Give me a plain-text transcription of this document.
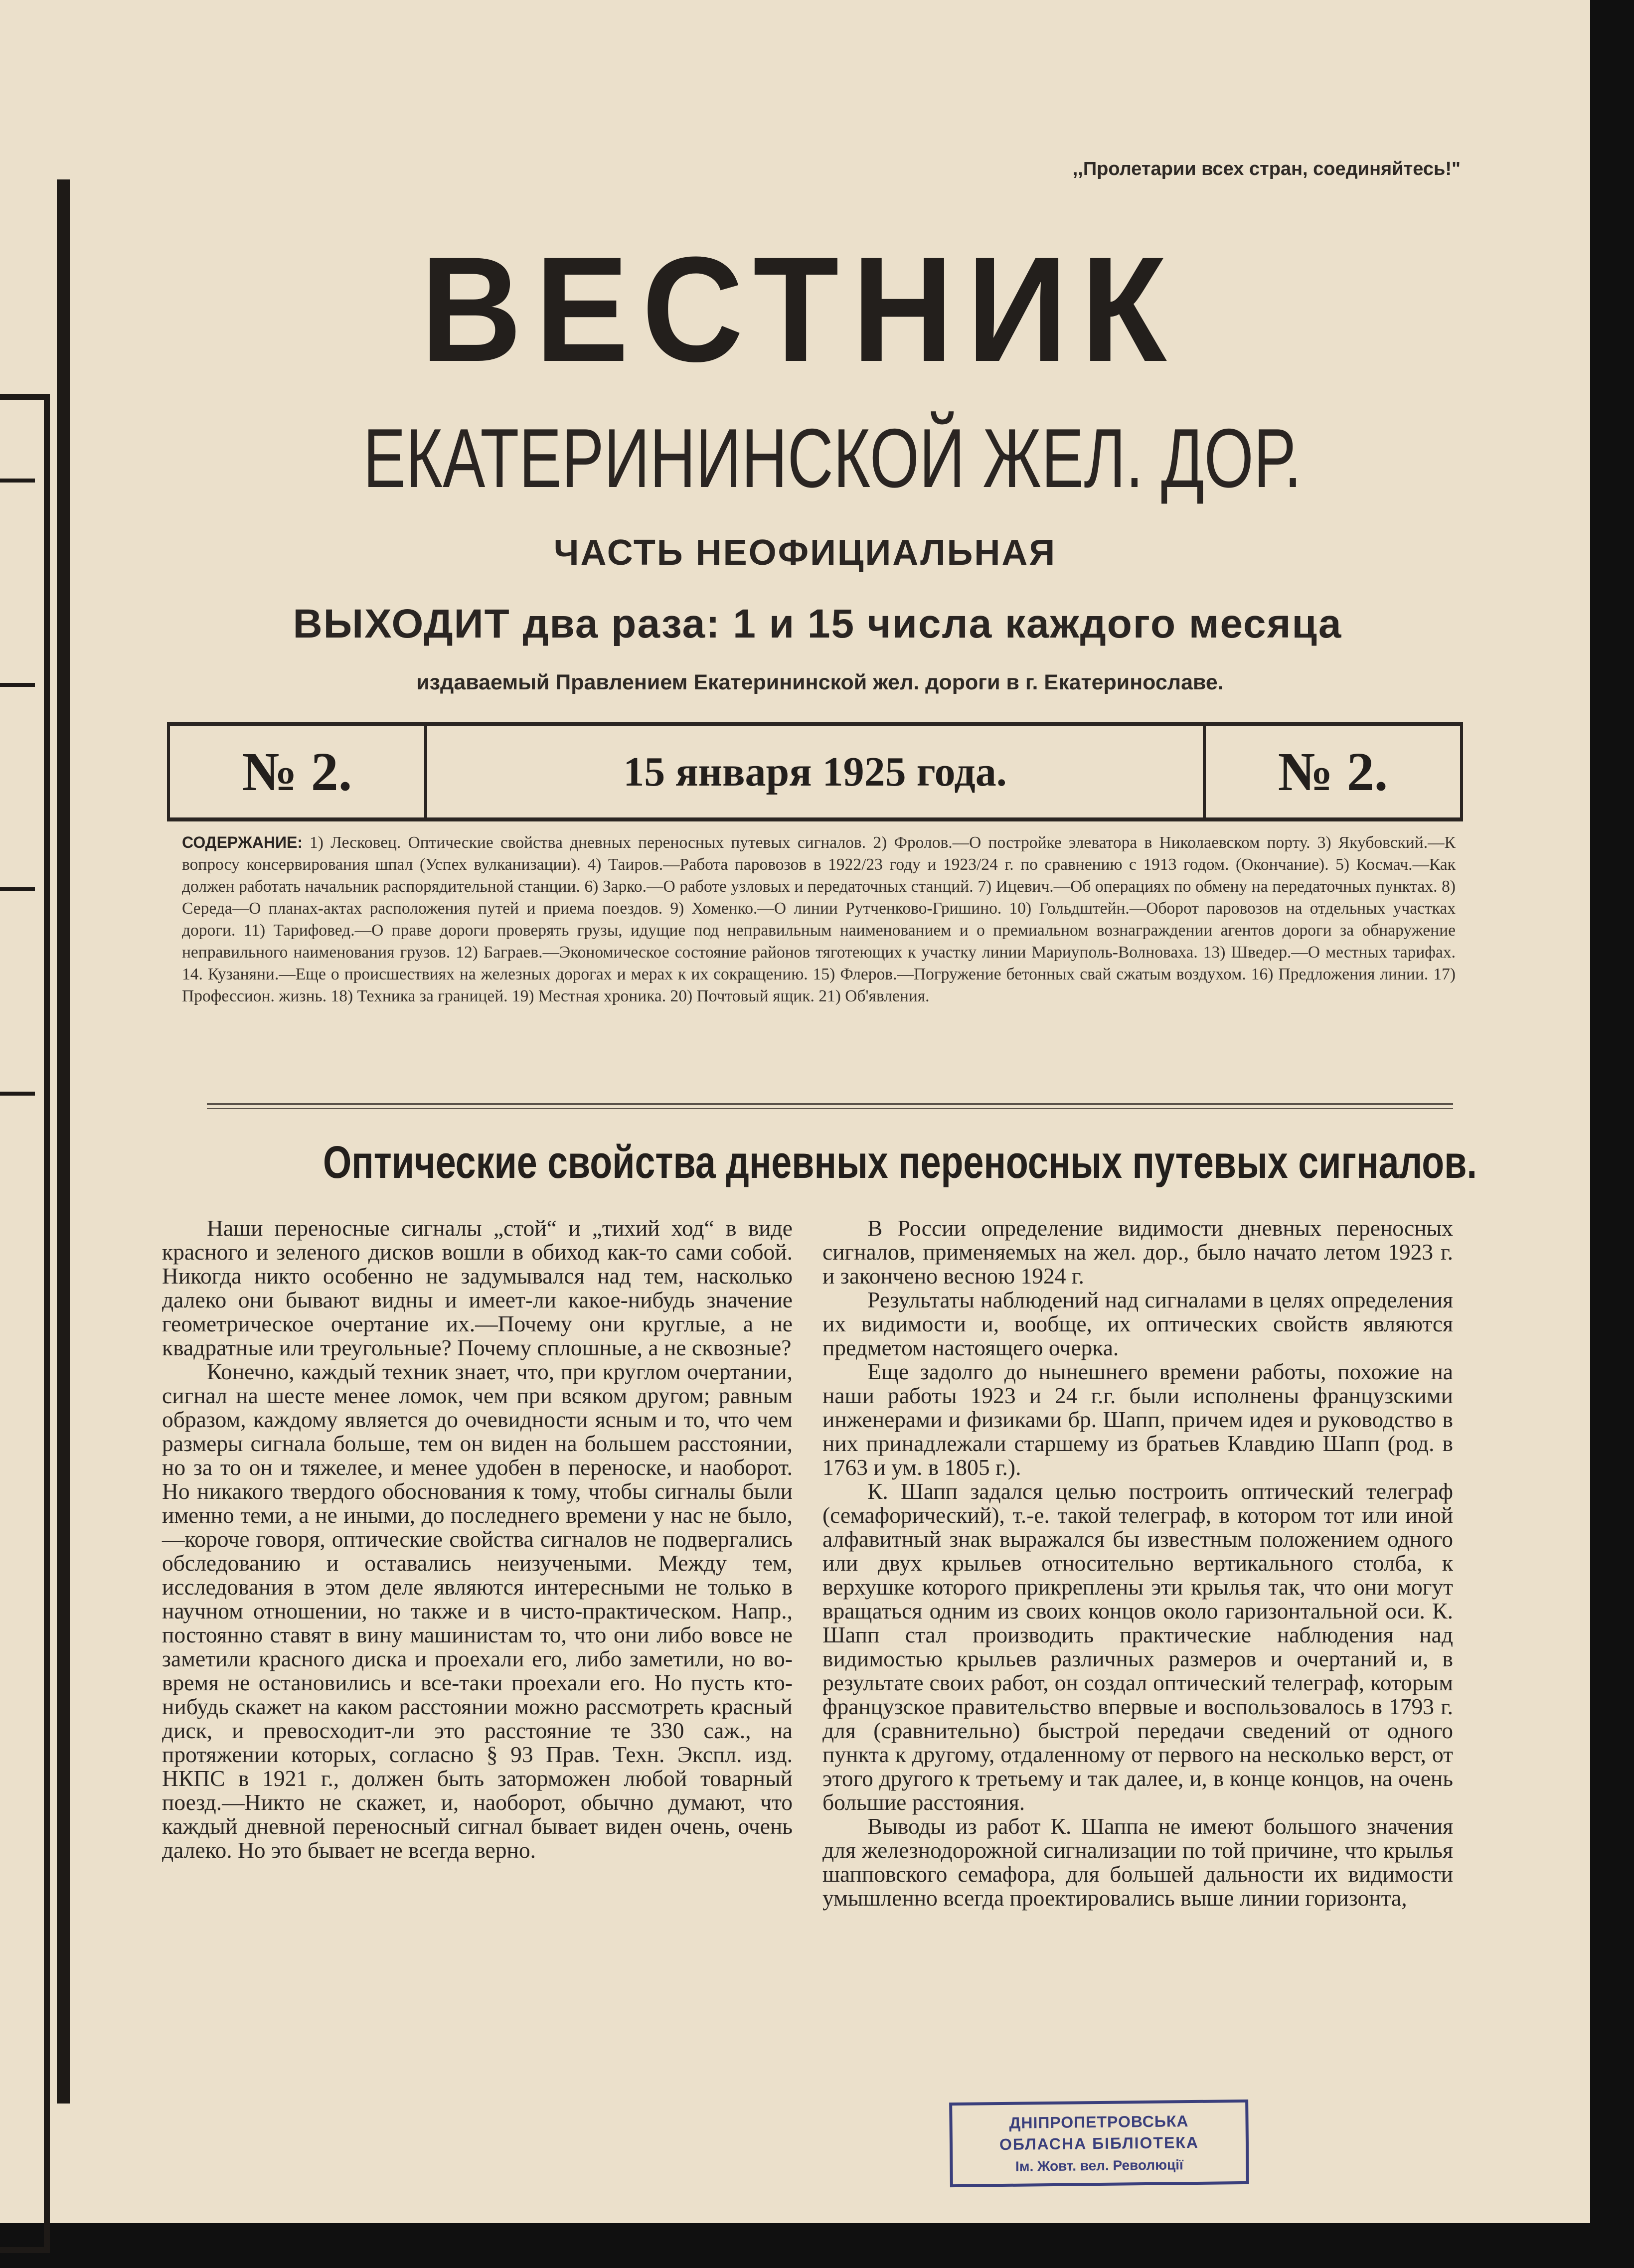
,,Пролетарии всех стран, соединяйтесь!"
ВЕСТНИК
ЕКАТЕРИНИНСКОЙ ЖЕЛ. ДОР.
ЧАСТЬ НЕОФИЦИАЛЬНАЯ
ВЫХОДИТ два раза: 1 и 15 числа каждого месяца
издаваемый Правлением Екатерининской жел. дороги в г. Екатеринославе.
№ 2.	15 января 1925 года.	№ 2.
СОДЕРЖАНИЕ: 1) Лесковец. Оптические свойства дневных переносных путевых сигналов. 2) Фролов.—О постройке элеватора в Николаевском порту. 3) Якубовский.—К вопросу консервирования шпал (Успех вулканизации). 4) Таиров.—Работа паровозов в 1922/23 году и 1923/24 г. по сравнению с 1913 годом. (Окончание). 5) Космач.—Как должен работать начальник распорядительной станции. 6) Зарко.—О работе узловых и передаточных станций. 7) Ицевич.—Об операциях по обмену на передаточных пунктах. 8) Середа—О планах-актах расположения путей и приема поездов. 9) Хоменко.—О линии Рутченково-Гришино. 10) Гольдштейн.—Оборот паровозов на отдельных участках дороги. 11) Тарифовед.—О праве дороги проверять грузы, идущие под неправильным наименованием и о премиальном вознаграждении агентов дороги за обнаружение неправильного наименования грузов. 12) Баграев.—Экономическое состояние районов тяготеющих к участку линии Мариуполь-Волноваха. 13) Шведер.—О местных тарифах. 14. Кузаняни.—Еще о происшествиях на железных дорогах и мерах к их сокращению. 15) Флеров.—Погружение бетонных свай сжатым воздухом. 16) Предложения линии. 17) Профессион. жизнь. 18) Техника за границей. 19) Местная хроника. 20) Почтовый ящик. 21) Об'явления.
Оптические свойства дневных переносных путевых сигналов.

Наши переносные сигналы „стой“ и „тихий ход“ в виде красного и зеленого дисков вошли в обиход как-то сами собой. Никогда никто особенно не задумывался над тем, насколько далеко они бывают видны и имеет-ли какое-нибудь значение геометрическое очертание их.—Почему они круглые, а не квадратные или треугольные? Почему сплошные, а не сквозные?

Конечно, каждый техник знает, что, при круглом очертании, сигнал на шесте менее ломок, чем при всяком другом; равным образом, каждому является до очевидности ясным и то, что чем размеры сигнала больше, тем он виден на большем расстоянии, но за то он и тяжелее, и менее удобен в переноске, и наоборот. Но никакого твердого обоснования к тому, чтобы сигналы были именно теми, а не иными, до последнего времени у нас не было,—короче говоря, оптические свойства сигналов не подвергались обследованию и оставались неизучеными. Между тем, исследования в этом деле являются интересными не только в научном отношении, но также и в чисто-практическом. Напр., постоянно ставят в вину машинистам то, что они либо вовсе не заметили красного диска и проехали его, либо заметили, но во-время не остановились и все-таки проехали его. Но пусть кто-нибудь скажет на каком расстоянии можно рассмотреть красный диск, и превосходит-ли это расстояние те 330 саж., на протяжении которых, согласно § 93 Прав. Техн. Экспл. изд. НКПС в 1921 г., должен быть заторможен любой товарный поезд.—Никто не скажет, и, наоборот, обычно думают, что каждый дневной переносный сигнал бывает виден очень, очень далеко. Но это бывает не всегда верно.

В России определение видимости дневных переносных сигналов, применяемых на жел. дор., было начато летом 1923 г. и закончено весною 1924 г.

Результаты наблюдений над сигналами в целях определения их видимости и, вообще, их оптических свойств являются предметом настоящего очерка.

Еще задолго до нынешнего времени работы, похожие на наши работы 1923 и 24 г.г. были исполнены французскими инженерами и физиками бр. Шапп, причем идея и руководство в них принадлежали старшему из братьев Клавдию Шапп (род. в 1763 и ум. в 1805 г.).

К. Шапп задался целью построить оптический телеграф (семафорический), т.-е. такой телеграф, в котором тот или иной алфавитный знак выражался бы известным положением одного или двух крыльев относительно вертикального столба, к верхушке которого прикреплены эти крылья так, что они могут вращаться одним из своих концов около гаризонтальной оси. К. Шапп стал производить практические наблюдения над видимостью крыльев различных размеров и очертаний и, в результате своих работ, он создал оптический телеграф, которым французское правительство впервые и воспользовалось в 1793 г. для (сравнительно) быстрой передачи сведений от одного пункта к другому, отдаленному от первого на несколько верст, от этого другого к третьему и так далее, и, в конце концов, на очень большие расстояния.

Выводы из работ К. Шаппа не имеют большого значения для железнодорожной сигнализации по той причине, что крылья шапповского семафора, для большей дальности их видимости умышленно всегда проектировались выше линии горизонта,

ДНІПРОПЕТРОВСЬКА
ОБЛАСНА БІБЛІОТЕКА
Ім. Жовт. вел. Революції
